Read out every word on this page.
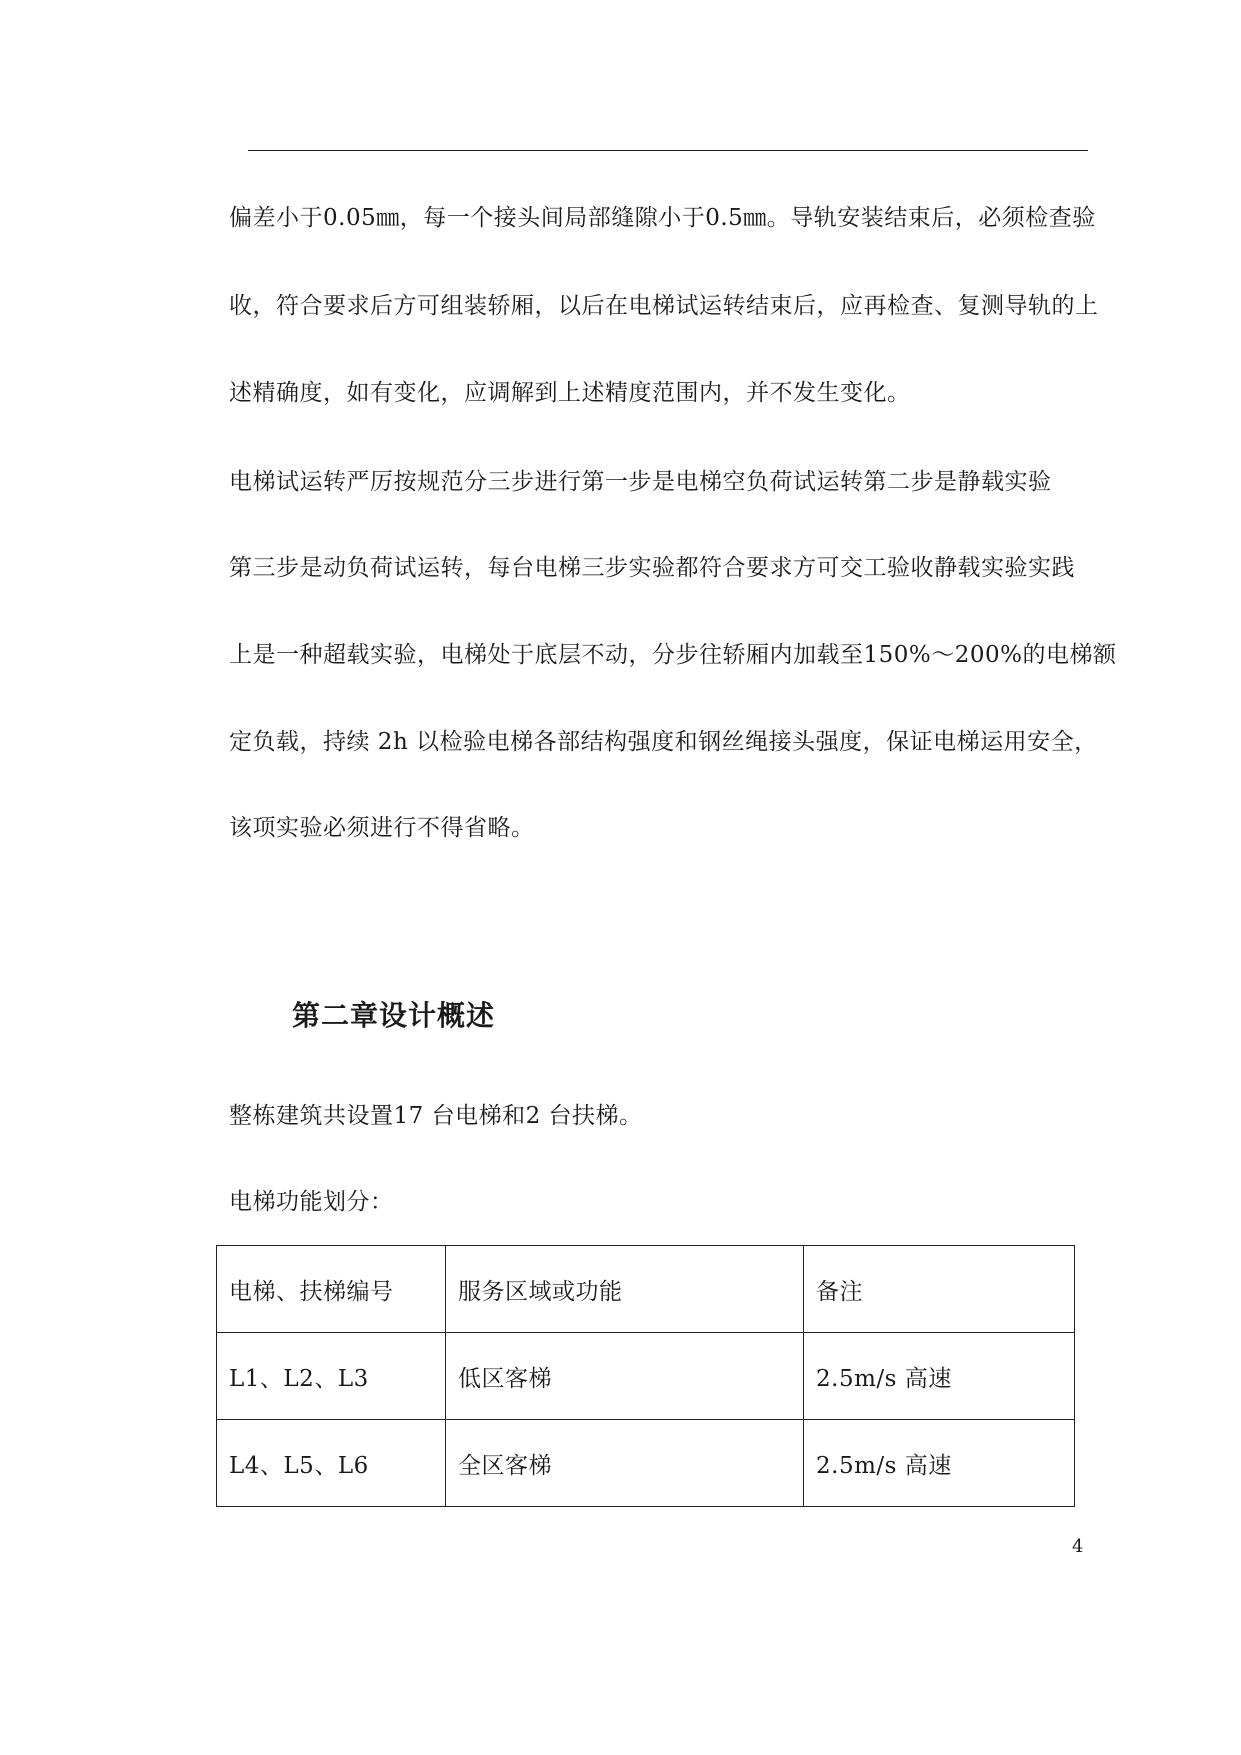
偏差小于0.05㎜，每一个接头间局部缝隙小于0.5㎜。导轨安装结束后，必须检查验
收，符合要求后方可组装轿厢，以后在电梯试运转结束后，应再检查、复测导轨的上
述精确度，如有变化，应调解到上述精度范围内，并不发生变化。
电梯试运转严厉按规范分三步进行第一步是电梯空负荷试运转第二步是静载实验
第三步是动负荷试运转，每台电梯三步实验都符合要求方可交工验收静载实验实践
上是一种超载实验，电梯处于底层不动，分步往轿厢内加载至150%～200%的电梯额
定负载，持续 2h 以检验电梯各部结构强度和钢丝绳接头强度，保证电梯运用安全，
该项实验必须进行不得省略。
第二章设计概述
整栋建筑共设置17 台电梯和2 台扶梯。
电梯功能划分：
电梯、扶梯编号	服务区域或功能	备注
L1、L2、L3	低区客梯	2.5m/s 高速
L4、L5、L6	全区客梯	2.5m/s 高速
4
